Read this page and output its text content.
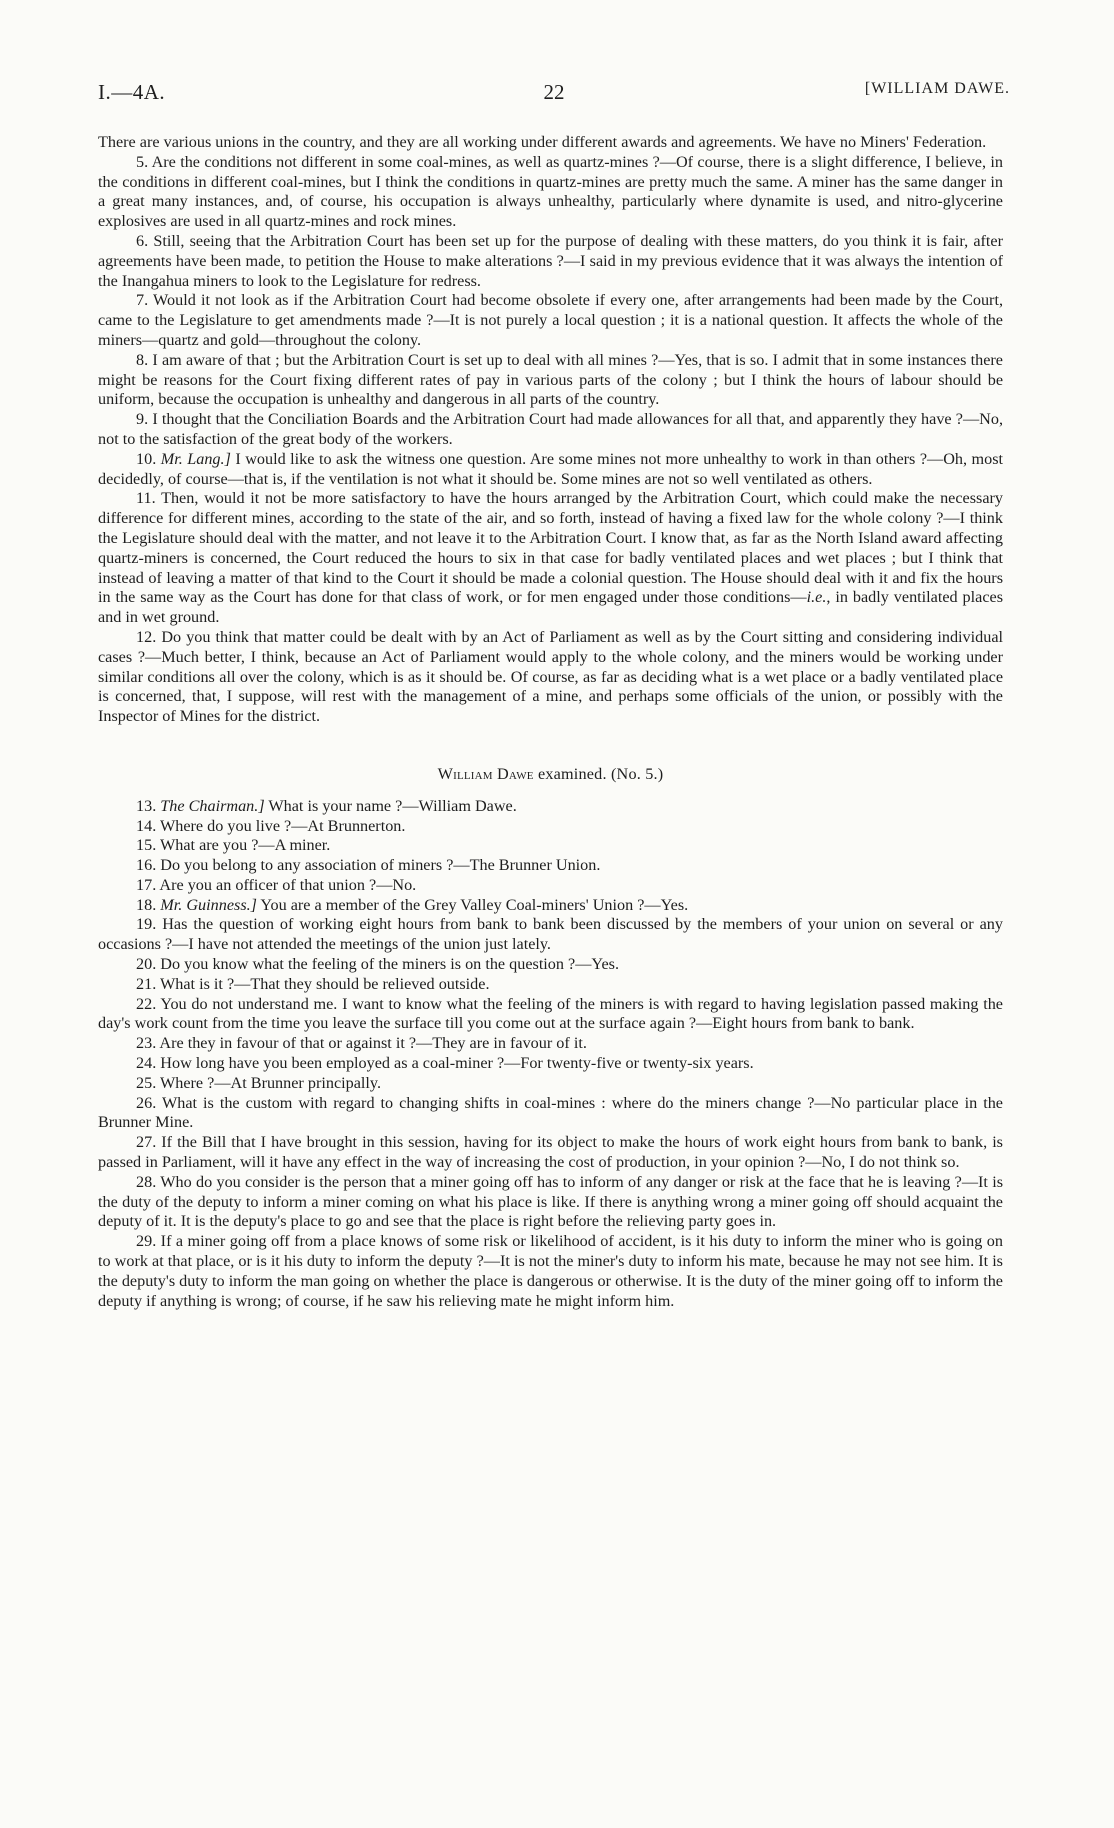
I.—4A.	22	[WILLIAM DAWE.

There are various unions in the country, and they are all working under different awards and agreements. We have no Miners' Federation.

5. Are the conditions not different in some coal-mines, as well as quartz-mines ?—Of course, there is a slight difference, I believe, in the conditions in different coal-mines, but I think the conditions in quartz-mines are pretty much the same. A miner has the same danger in a great many instances, and, of course, his occupation is always unhealthy, particularly where dynamite is used, and nitro-glycerine explosives are used in all quartz-mines and rock mines.

6. Still, seeing that the Arbitration Court has been set up for the purpose of dealing with these matters, do you think it is fair, after agreements have been made, to petition the House to make alterations ?—I said in my previous evidence that it was always the intention of the Inangahua miners to look to the Legislature for redress.

7. Would it not look as if the Arbitration Court had become obsolete if every one, after arrangements had been made by the Court, came to the Legislature to get amendments made ?—It is not purely a local question ; it is a national question. It affects the whole of the miners—quartz and gold—throughout the colony.

8. I am aware of that ; but the Arbitration Court is set up to deal with all mines ?—Yes, that is so. I admit that in some instances there might be reasons for the Court fixing different rates of pay in various parts of the colony ; but I think the hours of labour should be uniform, because the occupation is unhealthy and dangerous in all parts of the country.

9. I thought that the Conciliation Boards and the Arbitration Court had made allowances for all that, and apparently they have ?—No, not to the satisfaction of the great body of the workers.

10. Mr. Lang.] I would like to ask the witness one question. Are some mines not more unhealthy to work in than others ?—Oh, most decidedly, of course—that is, if the ventilation is not what it should be. Some mines are not so well ventilated as others.

11. Then, would it not be more satisfactory to have the hours arranged by the Arbitration Court, which could make the necessary difference for different mines, according to the state of the air, and so forth, instead of having a fixed law for the whole colony ?—I think the Legislature should deal with the matter, and not leave it to the Arbitration Court. I know that, as far as the North Island award affecting quartz-miners is concerned, the Court reduced the hours to six in that case for badly ventilated places and wet places ; but I think that instead of leaving a matter of that kind to the Court it should be made a colonial question. The House should deal with it and fix the hours in the same way as the Court has done for that class of work, or for men engaged under those conditions—i.e., in badly ventilated places and in wet ground.

12. Do you think that matter could be dealt with by an Act of Parliament as well as by the Court sitting and considering individual cases ?—Much better, I think, because an Act of Parliament would apply to the whole colony, and the miners would be working under similar conditions all over the colony, which is as it should be. Of course, as far as deciding what is a wet place or a badly ventilated place is concerned, that, I suppose, will rest with the management of a mine, and perhaps some officials of the union, or possibly with the Inspector of Mines for the district.

William Dawe examined. (No. 5.)

13. The Chairman.] What is your name ?—William Dawe.

14. Where do you live ?—At Brunnerton.

15. What are you ?—A miner.

16. Do you belong to any association of miners ?—The Brunner Union.

17. Are you an officer of that union ?—No.

18. Mr. Guinness.] You are a member of the Grey Valley Coal-miners' Union ?—Yes.

19. Has the question of working eight hours from bank to bank been discussed by the members of your union on several or any occasions ?—I have not attended the meetings of the union just lately.

20. Do you know what the feeling of the miners is on the question ?—Yes.

21. What is it ?—That they should be relieved outside.

22. You do not understand me. I want to know what the feeling of the miners is with regard to having legislation passed making the day's work count from the time you leave the surface till you come out at the surface again ?—Eight hours from bank to bank.

23. Are they in favour of that or against it ?—They are in favour of it.

24. How long have you been employed as a coal-miner ?—For twenty-five or twenty-six years.

25. Where ?—At Brunner principally.

26. What is the custom with regard to changing shifts in coal-mines : where do the miners change ?—No particular place in the Brunner Mine.

27. If the Bill that I have brought in this session, having for its object to make the hours of work eight hours from bank to bank, is passed in Parliament, will it have any effect in the way of increasing the cost of production, in your opinion ?—No, I do not think so.

28. Who do you consider is the person that a miner going off has to inform of any danger or risk at the face that he is leaving ?—It is the duty of the deputy to inform a miner coming on what his place is like. If there is anything wrong a miner going off should acquaint the deputy of it. It is the deputy's place to go and see that the place is right before the relieving party goes in.

29. If a miner going off from a place knows of some risk or likelihood of accident, is it his duty to inform the miner who is going on to work at that place, or is it his duty to inform the deputy ?—It is not the miner's duty to inform his mate, because he may not see him. It is the deputy's duty to inform the man going on whether the place is dangerous or otherwise. It is the duty of the miner going off to inform the deputy if anything is wrong; of course, if he saw his relieving mate he might inform him.
